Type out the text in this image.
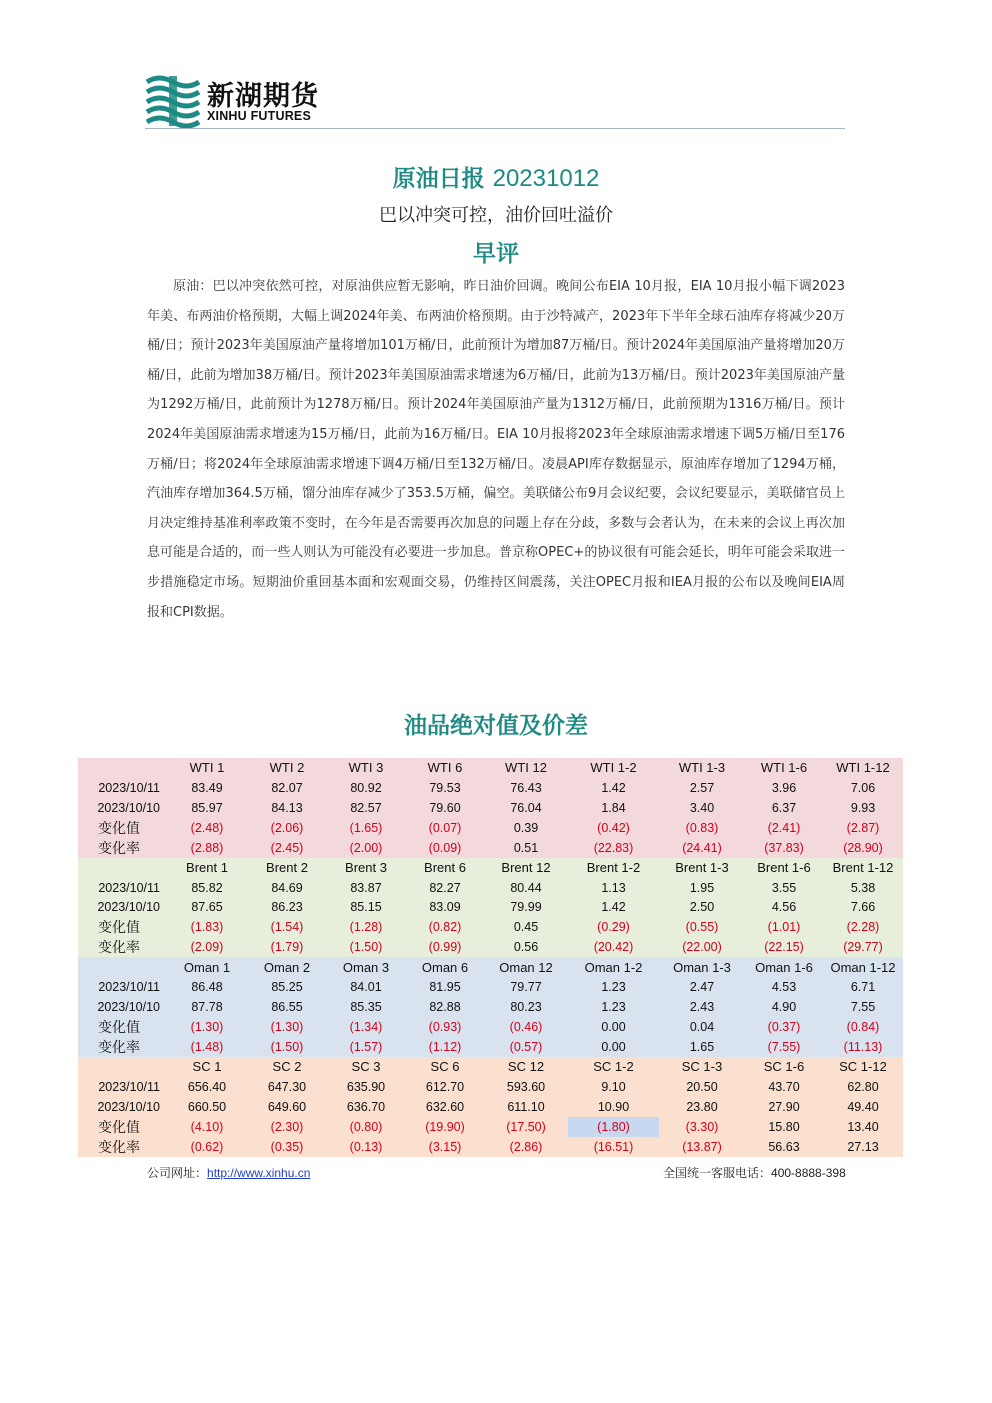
新湖期货
XINHU FUTURES
原油日报 20231012
巴以冲突可控，油价回吐溢价
早评
原油：巴以冲突依然可控，对原油供应暂无影响，昨日油价回调。晚间公布EIA 10月报，EIA 10月报小幅下调2023年美、布两油价格预期，大幅上调2024年美、布两油价格预期。由于沙特减产，2023年下半年全球石油库存将减少20万桶/日；预计2023年美国原油产量将增加101万桶/日，此前预计为增加87万桶/日。预计2024年美国原油产量将增加20万桶/日，此前为增加38万桶/日。预计2023年美国原油需求增速为6万桶/日，此前为13万桶/日。预计2023年美国原油产量为1292万桶/日，此前预计为1278万桶/日。预计2024年美国原油产量为1312万桶/日，此前预期为1316万桶/日。预计2024年美国原油需求增速为15万桶/日，此前为16万桶/日。EIA 10月报将2023年全球原油需求增速下调5万桶/日至176万桶/日；将2024年全球原油需求增速下调4万桶/日至132万桶/日。凌晨API库存数据显示，原油库存增加了1294万桶，汽油库存增加364.5万桶，馏分油库存减少了353.5万桶，偏空。美联储公布9月会议纪要，会议纪要显示，美联储官员上月决定维持基准利率政策不变时，在今年是否需要再次加息的问题上存在分歧，多数与会者认为，在未来的会议上再次加息可能是合适的，而一些人则认为可能没有必要进一步加息。普京称OPEC+的协议很有可能会延长，明年可能会采取进一步措施稳定市场。短期油价重回基本面和宏观面交易，仍维持区间震荡，关注OPEC月报和IEA月报的公布以及晚间EIA周报和CPI数据。
油品绝对值及价差
	WTI 1	WTI 2	WTI 3	WTI 6	WTI 12	WTI 1-2	WTI 1-3	WTI 1-6	WTI 1-12
2023/10/11	83.49	82.07	80.92	79.53	76.43	1.42	2.57	3.96	7.06
2023/10/10	85.97	84.13	82.57	79.60	76.04	1.84	3.40	6.37	9.93
变化值	(2.48)	(2.06)	(1.65)	(0.07)	0.39	(0.42)	(0.83)	(2.41)	(2.87)
变化率	(2.88)	(2.45)	(2.00)	(0.09)	0.51	(22.83)	(24.41)	(37.83)	(28.90)
	Brent 1	Brent 2	Brent 3	Brent 6	Brent 12	Brent 1-2	Brent 1-3	Brent 1-6	Brent 1-12
2023/10/11	85.82	84.69	83.87	82.27	80.44	1.13	1.95	3.55	5.38
2023/10/10	87.65	86.23	85.15	83.09	79.99	1.42	2.50	4.56	7.66
变化值	(1.83)	(1.54)	(1.28)	(0.82)	0.45	(0.29)	(0.55)	(1.01)	(2.28)
变化率	(2.09)	(1.79)	(1.50)	(0.99)	0.56	(20.42)	(22.00)	(22.15)	(29.77)
	Oman 1	Oman 2	Oman 3	Oman 6	Oman 12	Oman 1-2	Oman 1-3	Oman 1-6	Oman 1-12
2023/10/11	86.48	85.25	84.01	81.95	79.77	1.23	2.47	4.53	6.71
2023/10/10	87.78	86.55	85.35	82.88	80.23	1.23	2.43	4.90	7.55
变化值	(1.30)	(1.30)	(1.34)	(0.93)	(0.46)	0.00	0.04	(0.37)	(0.84)
变化率	(1.48)	(1.50)	(1.57)	(1.12)	(0.57)	0.00	1.65	(7.55)	(11.13)
	SC 1	SC 2	SC 3	SC 6	SC 12	SC 1-2	SC 1-3	SC 1-6	SC 1-12
2023/10/11	656.40	647.30	635.90	612.70	593.60	9.10	20.50	43.70	62.80
2023/10/10	660.50	649.60	636.70	632.60	611.10	10.90	23.80	27.90	49.40
变化值	(4.10)	(2.30)	(0.80)	(19.90)	(17.50)	(1.80)	(3.30)	15.80	13.40
变化率	(0.62)	(0.35)	(0.13)	(3.15)	(2.86)	(16.51)	(13.87)	56.63	27.13
公司网址：http://www.xinhu.cn	全国统一客服电话：400-8888-398
